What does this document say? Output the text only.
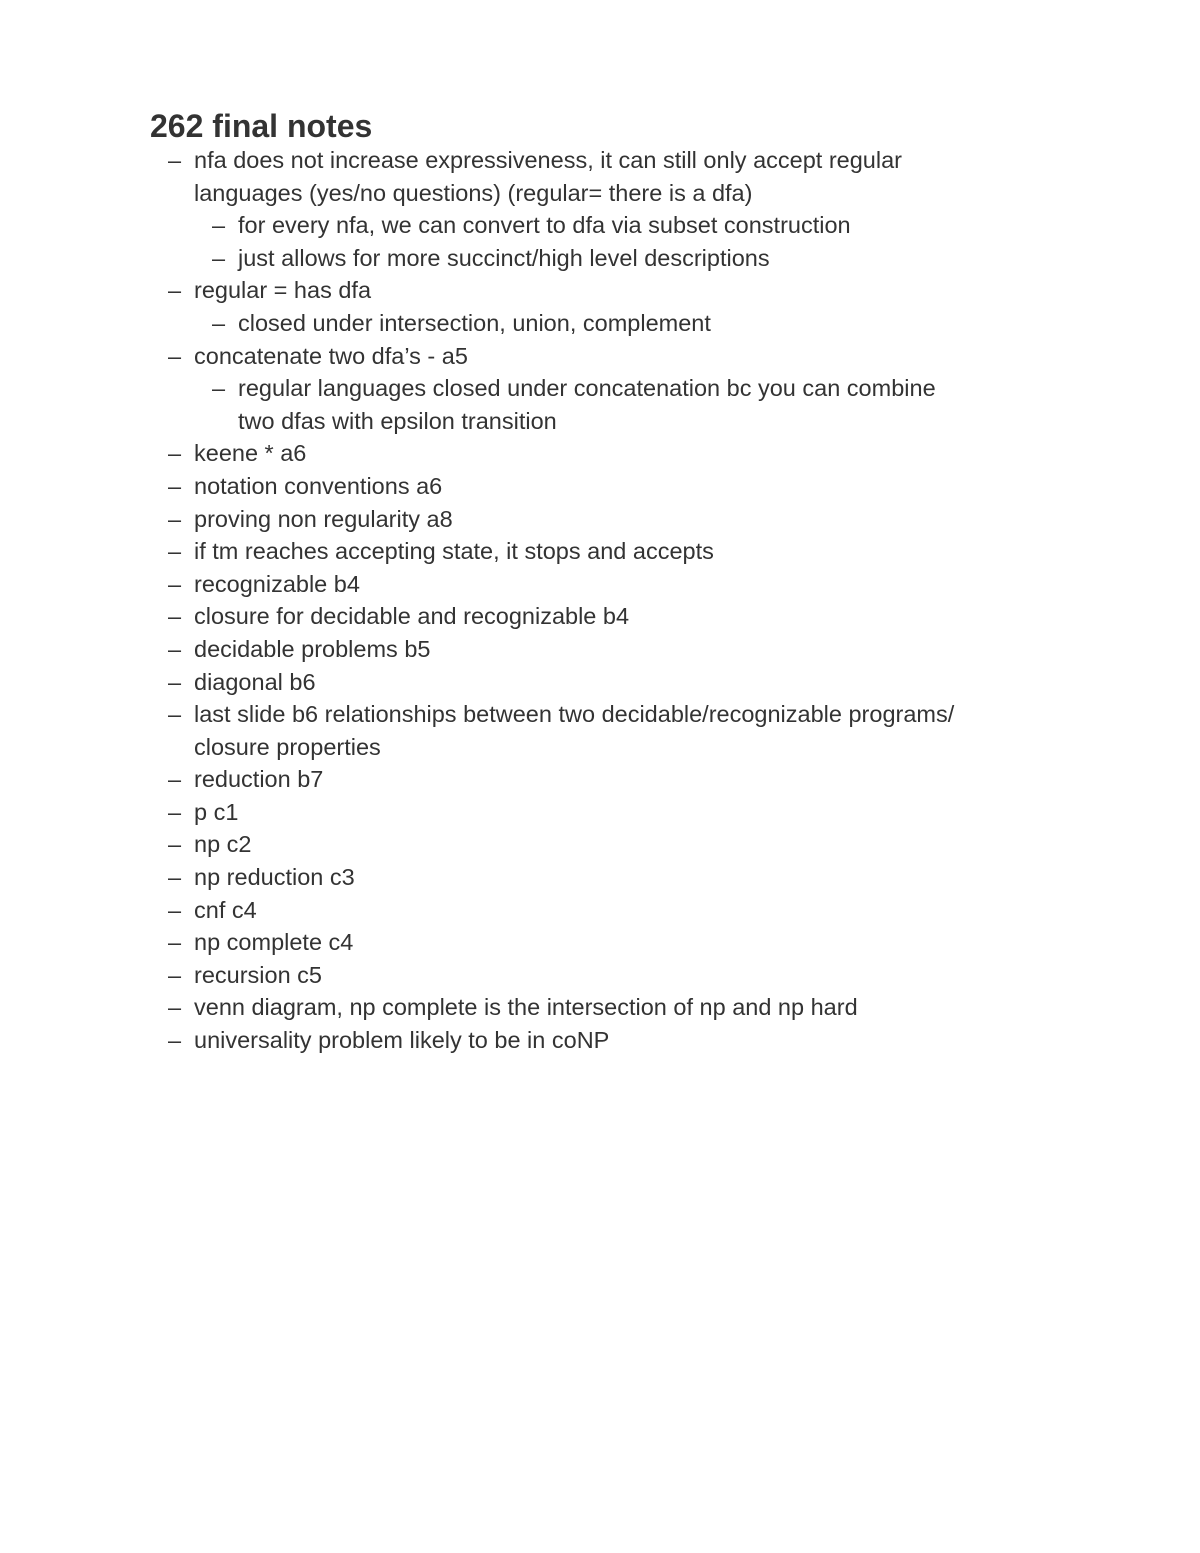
262 final notes
– nfa does not increase expressiveness, it can still only accept regular
languages (yes/no questions) (regular= there is a dfa)
– for every nfa, we can convert to dfa via subset construction
– just allows for more succinct/high level descriptions
– regular = has dfa
– closed under intersection, union, complement
– concatenate two dfa’s - a5
– regular languages closed under concatenation bc you can combine
two dfas with epsilon transition
– keene * a6
– notation conventions a6
– proving non regularity a8
– if tm reaches accepting state, it stops and accepts
– recognizable b4
– closure for decidable and recognizable b4
– decidable problems b5
– diagonal b6
– last slide b6 relationships between two decidable/recognizable programs/
closure properties
– reduction b7
– p c1
– np c2
– np reduction c3
– cnf c4
– np complete c4
– recursion c5
– venn diagram, np complete is the intersection of np and np hard
– universality problem likely to be in coNP
